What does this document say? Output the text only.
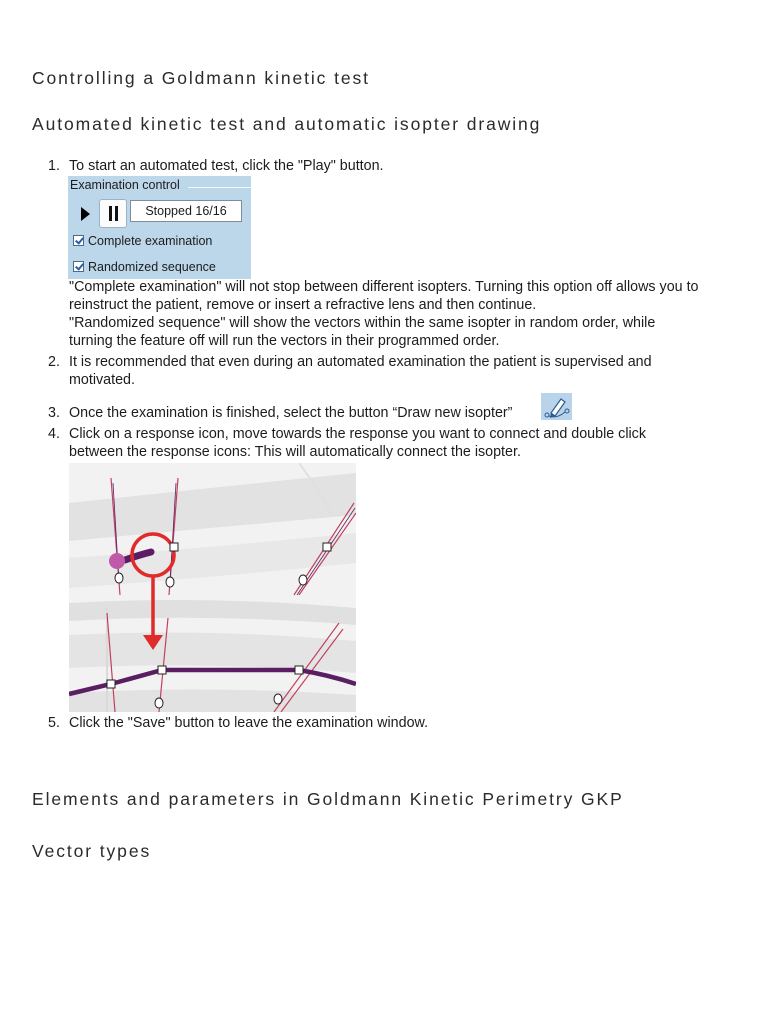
Controlling a Goldmann kinetic test
Automated kinetic test and automatic isopter drawing
1. To start an automated test, click the "Play" button.
Examination control
Stopped 16/16
Complete examination
Randomized sequence
"Complete examination" will not stop between different isopters. Turning this option off allows you to
reinstruct the patient, remove or insert a refractive lens and then continue.
"Randomized sequence" will show the vectors within the same isopter in random order, while
turning the feature off will run the vectors in their programmed order.
2. It is recommended that even during an automated examination the patient is supervised and
motivated.
3. Once the examination is finished, select the button “Draw new isopter”
4. Click on a response icon, move towards the response you want to connect and double click
between the response icons: This will automatically connect the isopter.
5. Click the "Save" button to leave the examination window.
Elements and parameters in Goldmann Kinetic Perimetry GKP
Vector types
